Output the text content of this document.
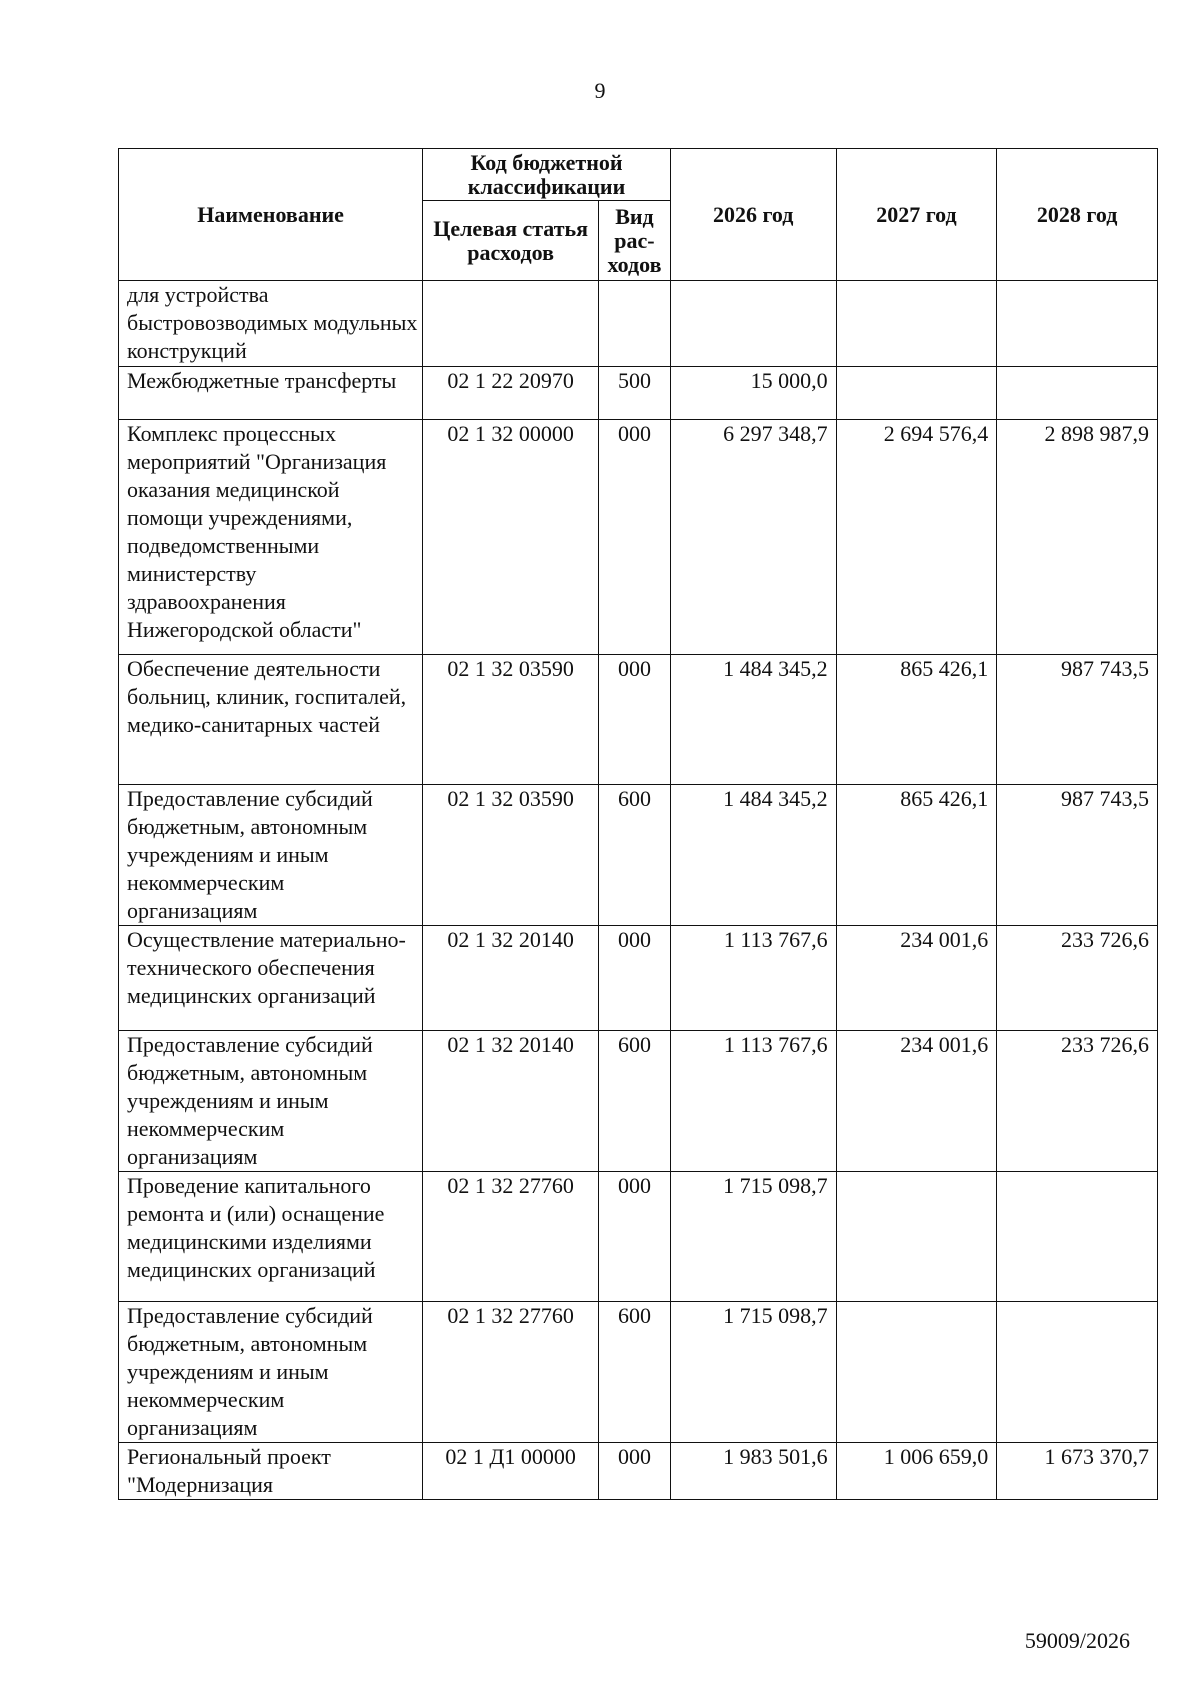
9
Наименование	Код бюджетной классификации		2026 год	2027 год	2028 год
	Целевая статья расходов	Вид рас-ходов			
для устройства быстровозводимых модульных конструкций					
Межбюджетные трансферты	02 1 22 20970	500	15 000,0		
Комплекс процессных мероприятий "Организация оказания медицинской помощи учреждениями, подведомственными министерству здравоохранения Нижегородской области"	02 1 32 00000	000	6 297 348,7	2 694 576,4	2 898 987,9
Обеспечение деятельности больниц, клиник, госпиталей, медико-санитарных частей	02 1 32 03590	000	1 484 345,2	865 426,1	987 743,5
Предоставление субсидий бюджетным, автономным учреждениям и иным некоммерческим организациям	02 1 32 03590	600	1 484 345,2	865 426,1	987 743,5
Осуществление материально-технического обеспечения медицинских организаций	02 1 32 20140	000	1 113 767,6	234 001,6	233 726,6
Предоставление субсидий бюджетным, автономным учреждениям и иным некоммерческим организациям	02 1 32 20140	600	1 113 767,6	234 001,6	233 726,6
Проведение капитального ремонта и (или) оснащение медицинскими изделиями медицинских организаций	02 1 32 27760	000	1 715 098,7		
Предоставление субсидий бюджетным, автономным учреждениям и иным некоммерческим организациям	02 1 32 27760	600	1 715 098,7		
Региональный проект "Модернизация	02 1 Д1 00000	000	1 983 501,6	1 006 659,0	1 673 370,7
59009/2026
